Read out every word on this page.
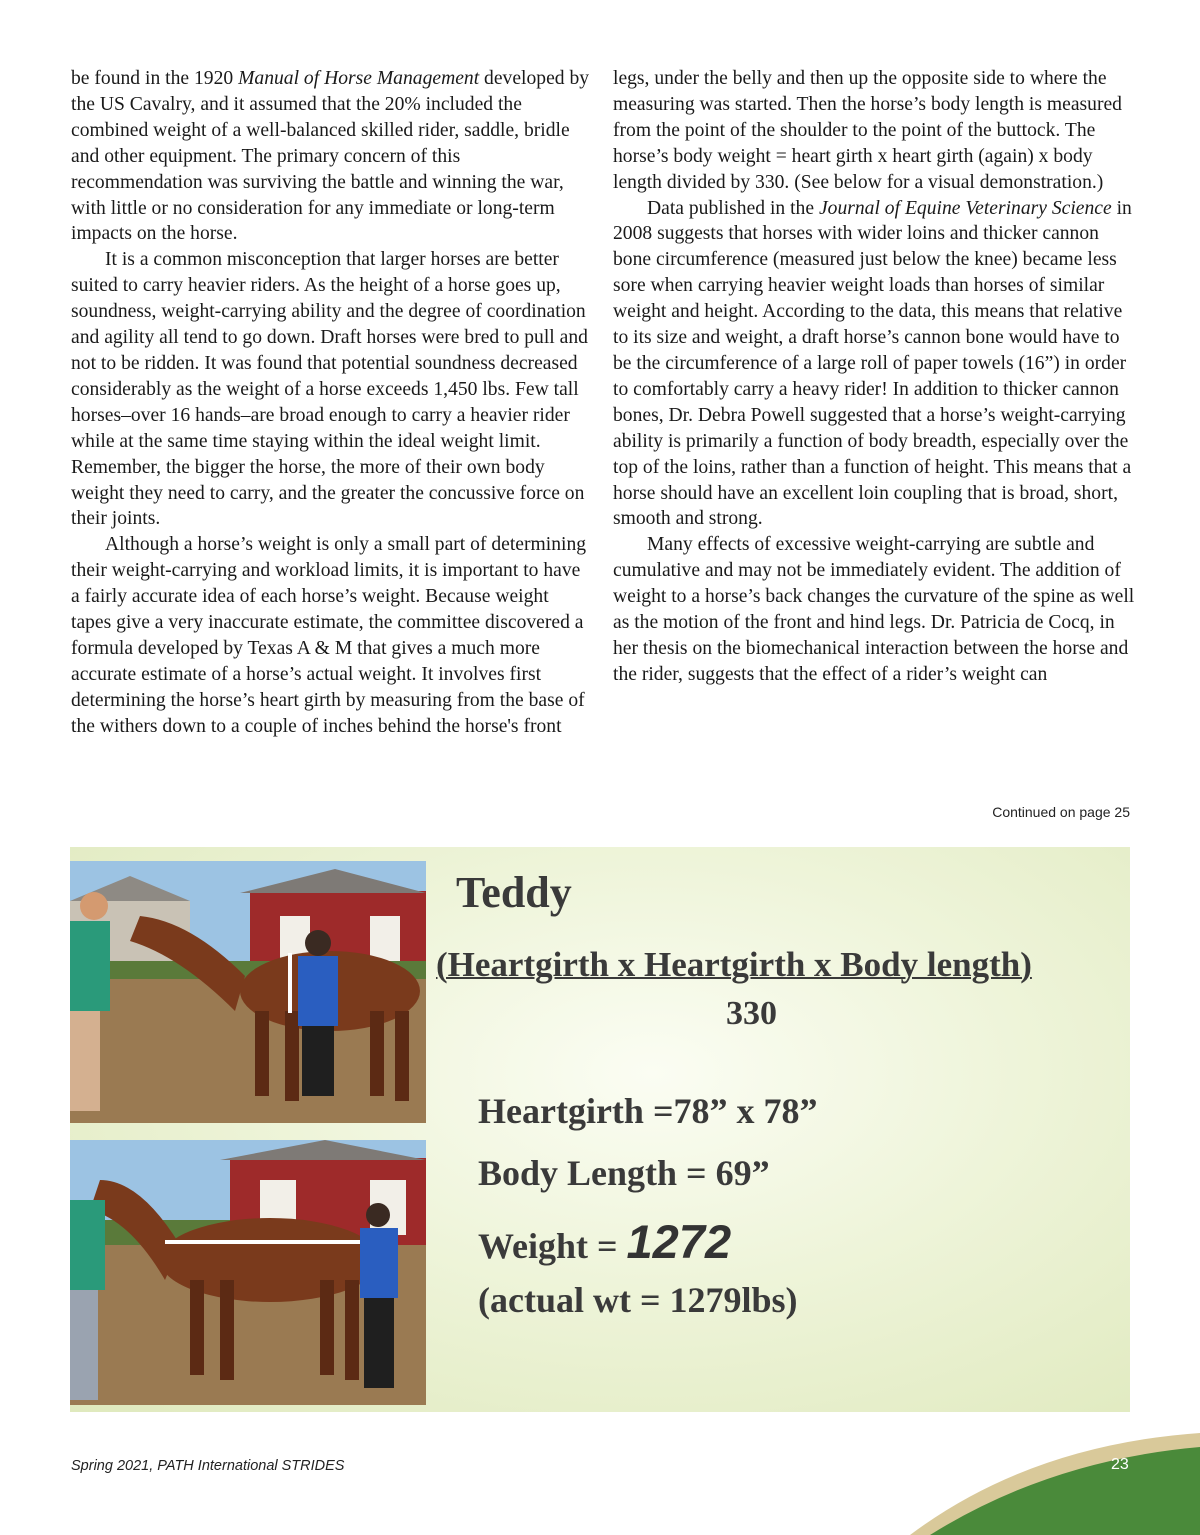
be found in the 1920 Manual of Horse Management developed by the US Cavalry, and it assumed that the 20% included the combined weight of a well-balanced skilled rider, saddle, bridle and other equipment. The primary concern of this recommendation was surviving the battle and winning the war, with little or no consideration for any immediate or long-term impacts on the horse.

It is a common misconception that larger horses are better suited to carry heavier riders. As the height of a horse goes up, soundness, weight-carrying ability and the degree of coordination and agility all tend to go down. Draft horses were bred to pull and not to be ridden. It was found that potential soundness decreased considerably as the weight of a horse exceeds 1,450 lbs. Few tall horses–over 16 hands–are broad enough to carry a heavier rider while at the same time staying within the ideal weight limit. Remember, the bigger the horse, the more of their own body weight they need to carry, and the greater the concussive force on their joints.

Although a horse’s weight is only a small part of determining their weight-carrying and workload limits, it is important to have a fairly accurate idea of each horse’s weight. Because weight tapes give a very inaccurate estimate, the committee discovered a formula developed by Texas A & M that gives a much more accurate estimate of a horse’s actual weight. It involves first determining the horse’s heart girth by measuring from the base of the withers down to a couple of inches behind the horse's front

legs, under the belly and then up the opposite side to where the measuring was started. Then the horse’s body length is measured from the point of the shoulder to the point of the buttock. The horse’s body weight = heart girth x heart girth (again) x body length divided by 330. (See below for a visual demonstration.)

Data published in the Journal of Equine Veterinary Science in 2008 suggests that horses with wider loins and thicker cannon bone circumference (measured just below the knee) became less sore when carrying heavier weight loads than horses of similar weight and height. According to the data, this means that relative to its size and weight, a draft horse’s cannon bone would have to be the circumference of a large roll of paper towels (16”) in order to comfortably carry a heavy rider! In addition to thicker cannon bones, Dr. Debra Powell suggested that a horse’s weight-carrying ability is primarily a function of body breadth, especially over the top of the loins, rather than a function of height. This means that a horse should have an excellent loin coupling that is broad, short, smooth and strong.

Many effects of excessive weight-carrying are subtle and cumulative and may not be immediately evident. The addition of weight to a horse’s back changes the curvature of the spine as well as the motion of the front and hind legs. Dr. Patricia de Cocq, in her thesis on the biomechanical interaction between the horse and the rider, suggests that the effect of a rider’s weight can

Continued on page 25
Teddy
(Heartgirth x Heartgirth x Body length)
330
Heartgirth =78” x 78”
Body Length = 69”
Weight = 1272
(actual wt = 1279lbs)
Spring 2021, PATH International STRIDES	23
